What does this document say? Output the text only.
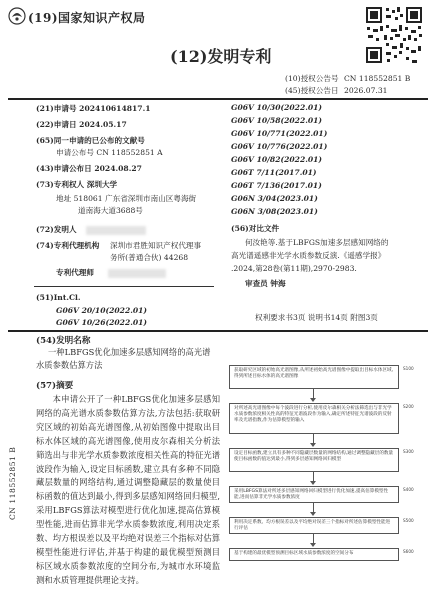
(19)国家知识产权局
(12)发明专利
(10)授权公告号 CN 118552851 B
(45)授权公告日 2026.07.31
(21)申请号 202410614817.1
(22)申请日 2024.05.17
(65)同一申请的已公布的文献号
申请公布号 CN 118552851 A
(43)申请公布日 2024.08.27
(73)专利权人 深圳大学
地址 518061 广东省深圳市南山区粤海街
道南海大道3688号
(72)发明人
(74)专利代理机构 深圳市君胜知识产权代理事
务所(普通合伙) 44268
专利代理师
(51)Int.Cl.
G06V 20/10(2022.01)
G06V 10/26(2022.01)
G06V 10/30(2022.01)
G06V 10/58(2022.01)
G06V 10/771(2022.01)
G06V 10/776(2022.01)
G06V 10/82(2022.01)
G06T 7/11(2017.01)
G06T 7/136(2017.01)
G06N 3/04(2023.01)
G06N 3/08(2023.01)
(56)对比文件
何汝艳等.基于LBFGS加速多层感知网络的
高光谱遥感非光学水质参数反演.《遥感学报》
.2024,第28卷(第11期),2970-2983.
审查员 钟海
权利要求书3页 说明书14页 附图3页
(54)发明名称
一种LBFGS优化加速多层感知网络的高光谱
水质参数估算方法
(57)摘要
本申请公开了一种LBFGS优化加速多层感知网络的高光谱水质参数估算方法,方法包括:获取研究区域的初始高光谱图像,从初始图像中提取出目标水体区域的高光谱图像,使用皮尔森相关分析法筛选出与非光学水质参数浓度相关性高的特征光谱波段作为输入,设定目标函数,建立具有多种不同隐藏层数量的网络结构,通过调整隐藏层的数量使目标函数的值达到最小,得到多层感知网络回归模型,采用LBFGS算法对模型进行优化加速,提高估算模型性能,进而估算非光学水质参数浓度,利用决定系数、均方根误差以及平均绝对误差三个指标对估算模型性能进行评估,并基于构建的最优模型预测目标区域水质参数浓度的空间分布,为城市水环境监测和水质管理提供理论支持。
CN 118552851 B
获取研究区域的初始高光谱图像,从所述初始高光谱图像中提取出目标水体区域,得到所述目标水体的高光谱图像
S100
对所述高光谱图像中每个波段进行分析,使用皮尔森相关分析法筛选出与非光学水质参数浓度相关性高的特征光谱波段作为输入,确定所述特征光谱波段的反射率及光谱指数,作为估算模型的输入
S200
设定目标函数,建立具有多种不同隐藏层数量的网络结构,通过调整隐藏层的数量使目标函数的值达到最小,得到多层感知网络回归模型
S300
采用LBFGS算法对所述多层感知网络回归模型进行优化加速,提高估算模型性能,进而估算非光学水质参数浓度
S400
利用决定系数、均方根误差以及平均绝对误差三个指标对所述估算模型性能进行评估
S500
基于构建的最优模型预测目标区域水质参数浓度的空间分布	S600
